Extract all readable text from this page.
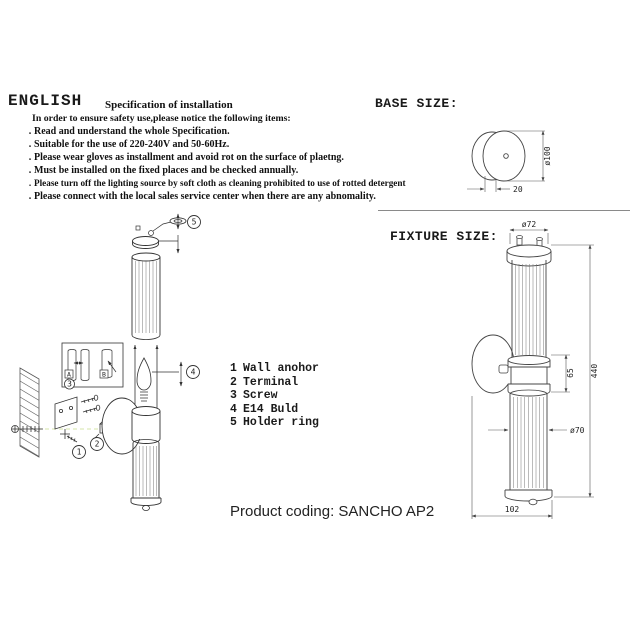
ENGLISH Specification of installation
In order to ensure safety use,please notice the following items:
. Read and understand the whole Specification.
. Suitable for the use of 220-240V and 50-60Hz.
. Please wear gloves as installment and avoid rot on the surface of plaetng.
. Must be installed on the fixed places and be checked annually.
. Please turn off the lighting source by soft cloth as cleaning prohibited to use of rotted detergent
. Please connect with the local sales service center when there are any abnomality.
BASE SIZE:
ø100
20
FIXTURE SIZE:
ø72
440
65
ø70
102
1
2
5
A	B
3
4	1 Wall anohor
2 Terminal
3 Screw
4 E14 Buld
5 Holder ring
Product coding: SANCHO AP2
